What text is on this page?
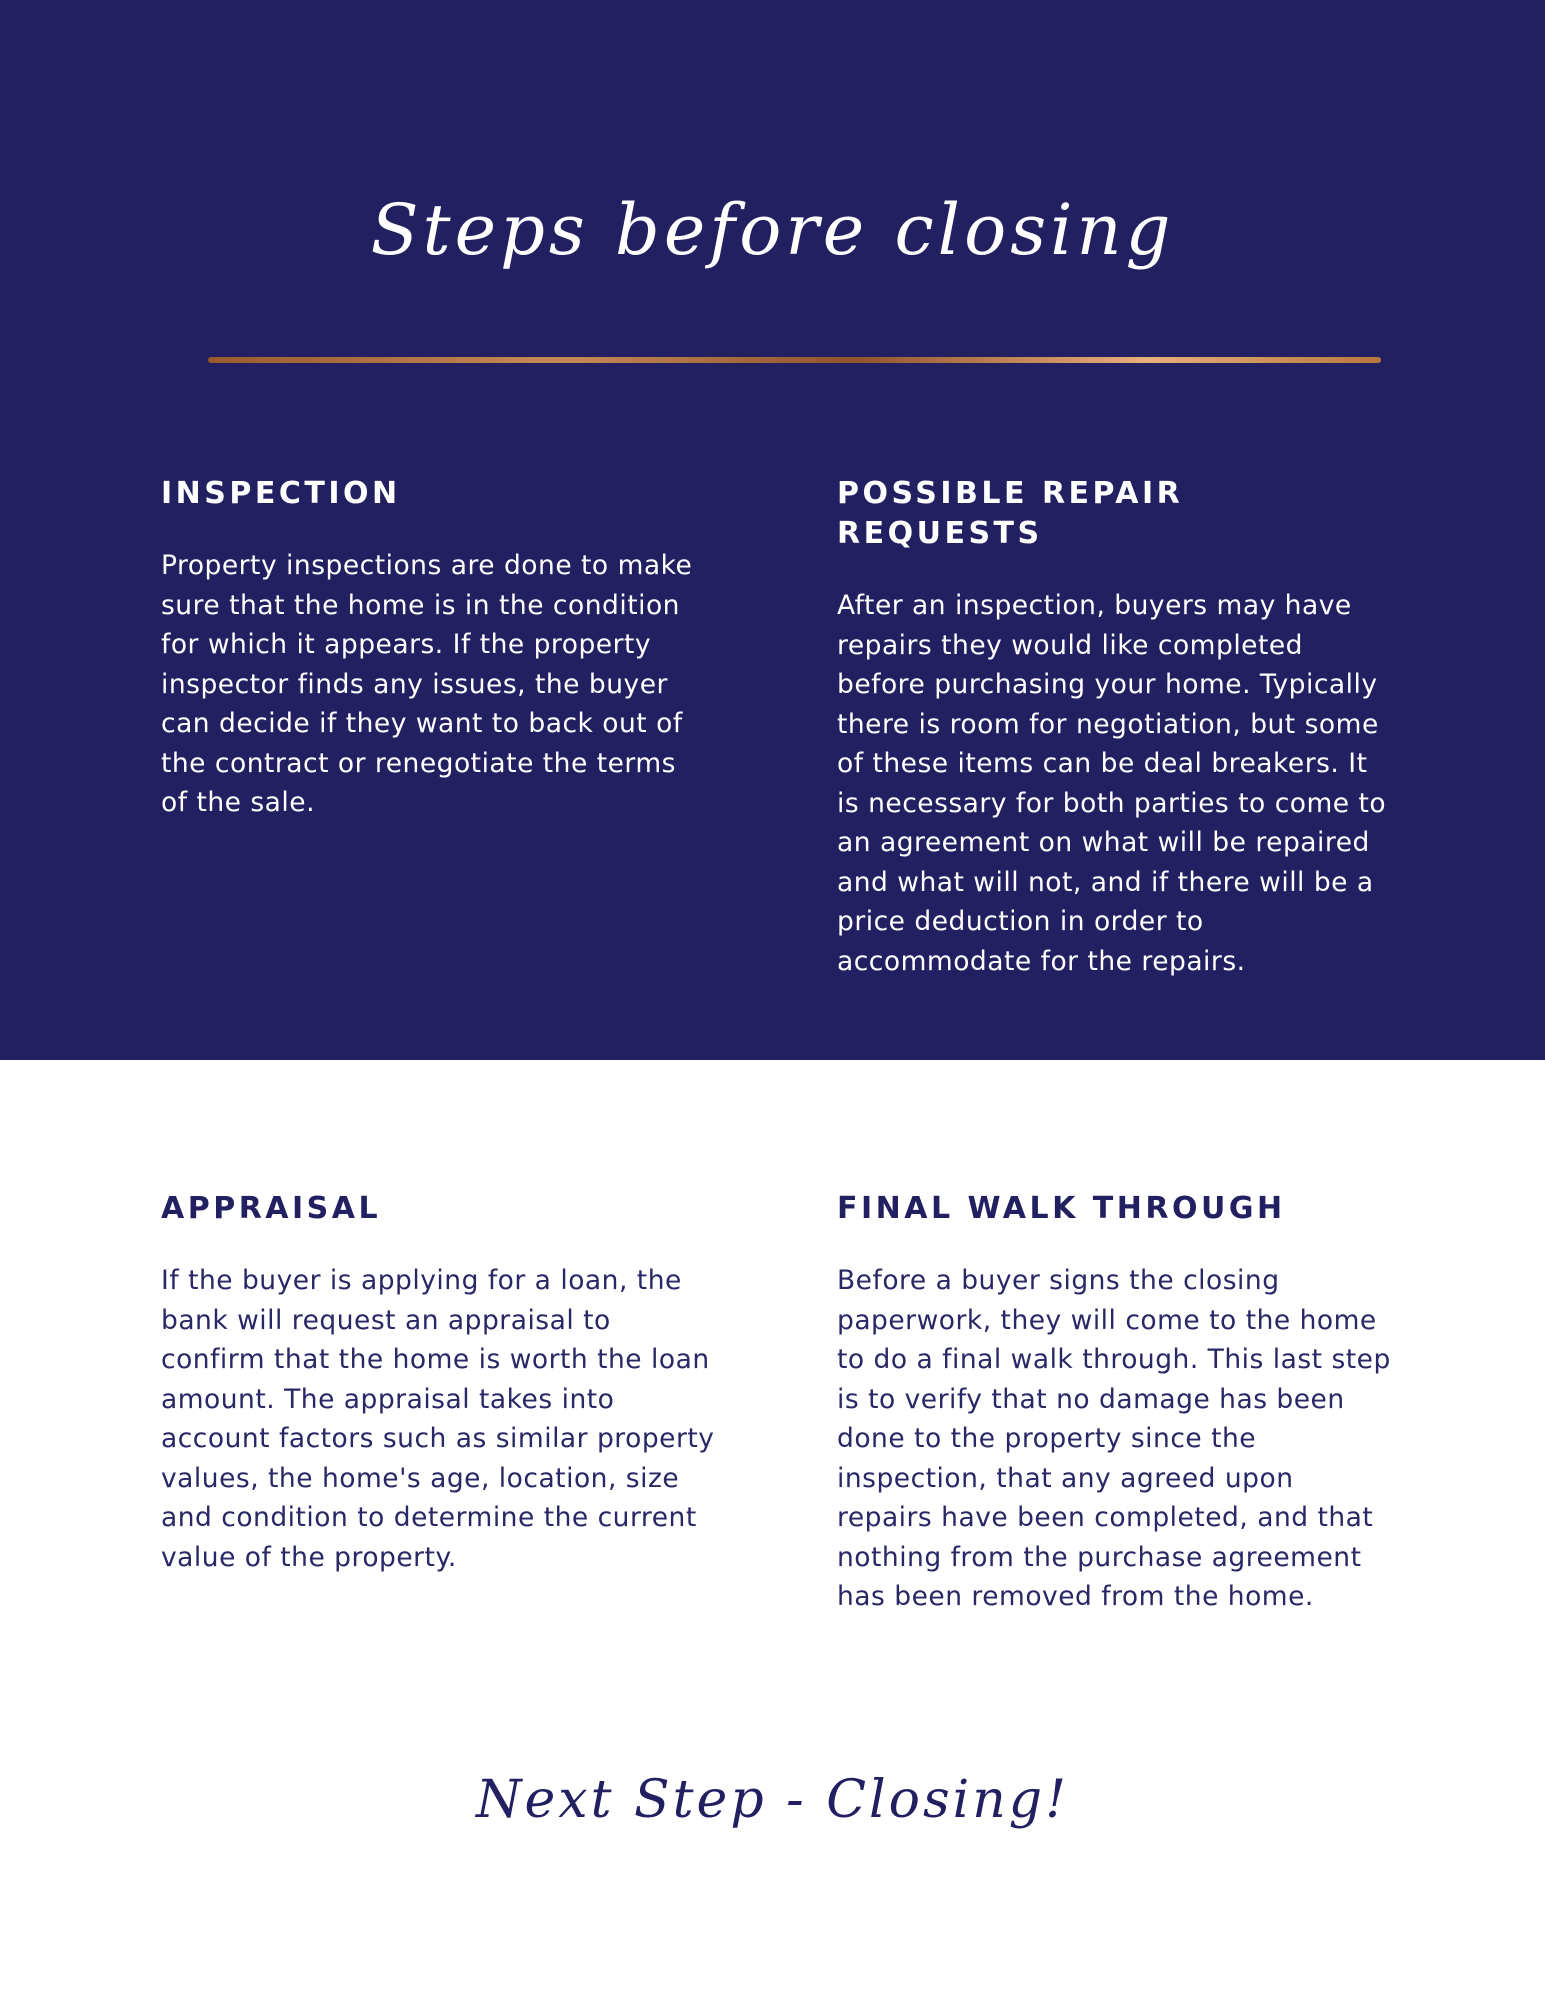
Steps before closing
INSPECTION

Property inspections are done to make sure that the home is in the condition for which it appears. If the property inspector finds any issues, the buyer can decide if they want to back out of the contract or renegotiate the terms of the sale.

POSSIBLE REPAIR REQUESTS

After an inspection, buyers may have repairs they would like completed before purchasing your home. Typically there is room for negotiation, but some of these items can be deal breakers. It is necessary for both parties to come to an agreement on what will be repaired and what will not, and if there will be a price deduction in order to accommodate for the repairs.

APPRAISAL

If the buyer is applying for a loan, the bank will request an appraisal to confirm that the home is worth the loan amount. The appraisal takes into account factors such as similar property values, the home's age, location, size and condition to determine the current value of the property.

FINAL WALK THROUGH

Before a buyer signs the closing paperwork, they will come to the home to do a final walk through. This last step is to verify that no damage has been done to the property since the inspection, that any agreed upon repairs have been completed, and that nothing from the purchase agreement has been removed from the home.

Next Step - Closing!
